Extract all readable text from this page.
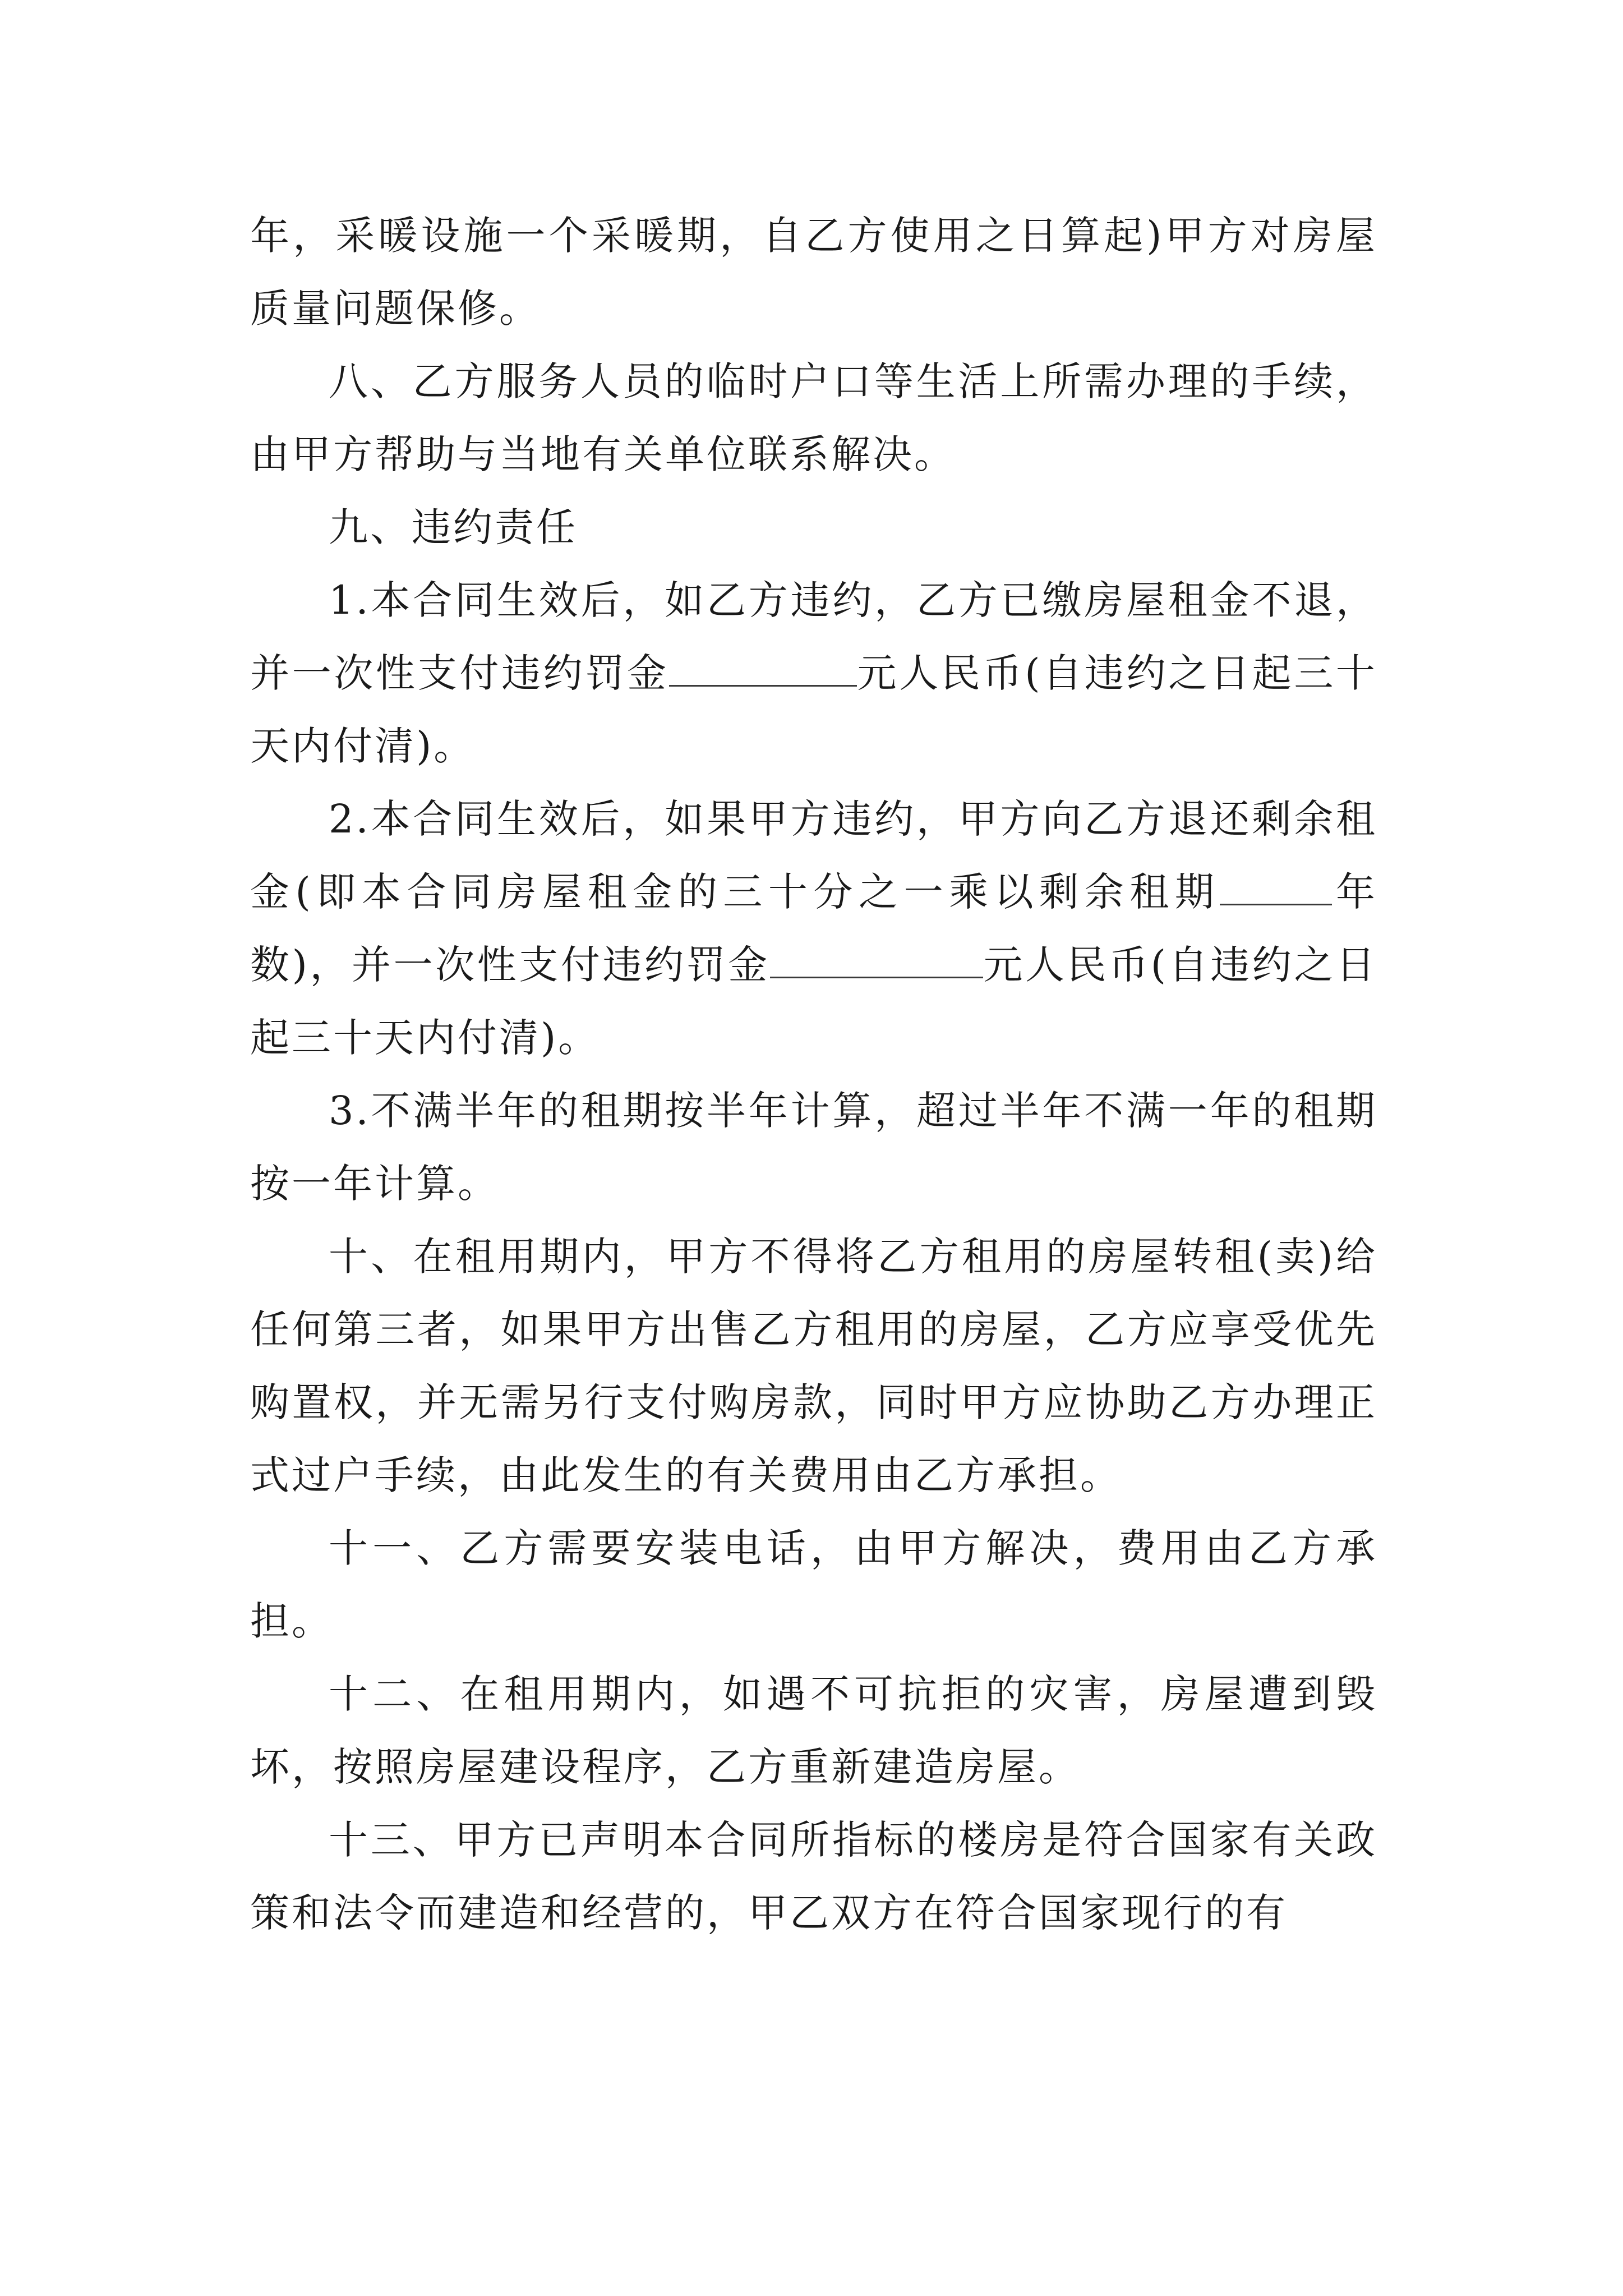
年，采暖设施一个采暖期，自乙方使用之日算起)甲方对房屋质量问题保修。

八、乙方服务人员的临时户口等生活上所需办理的手续，由甲方帮助与当地有关单位联系解决。

九、违约责任

1.本合同生效后，如乙方违约，乙方已缴房屋租金不退，并一次性支付违约罚金	元人民币(自违约之日起三十天内付清)。

2.本合同生效后，如果甲方违约，甲方向乙方退还剩余租金(即本合同房屋租金的三十分之一乘以剩余租期	年数)，并一次性支付违约罚金	元人民币(自违约之日起三十天内付清)。

3.不满半年的租期按半年计算，超过半年不满一年的租期按一年计算。

十、在租用期内，甲方不得将乙方租用的房屋转租(卖)给任何第三者，如果甲方出售乙方租用的房屋，乙方应享受优先购置权，并无需另行支付购房款，同时甲方应协助乙方办理正式过户手续，由此发生的有关费用由乙方承担。

十一、乙方需要安装电话，由甲方解决，费用由乙方承担。

十二、在租用期内，如遇不可抗拒的灾害，房屋遭到毁坏，按照房屋建设程序，乙方重新建造房屋。

十三、甲方已声明本合同所指标的楼房是符合国家有关政策和法令而建造和经营的，甲乙双方在符合国家现行的有
